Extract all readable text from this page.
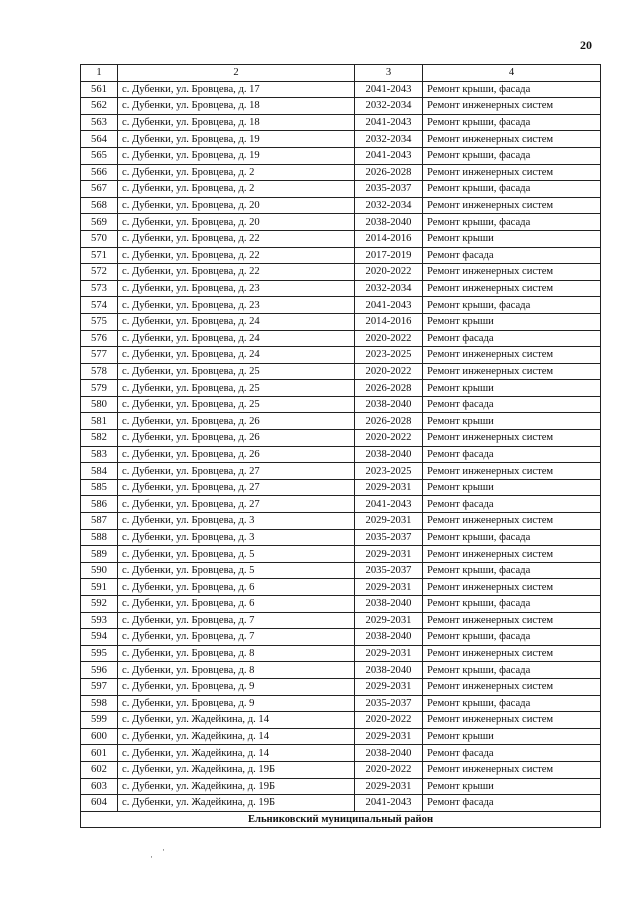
20
1	2	3	4
561	с. Дубенки, ул. Бровцева, д. 17	2041-2043	Ремонт крыши, фасада
562	с. Дубенки, ул. Бровцева, д. 18	2032-2034	Ремонт инженерных систем
563	с. Дубенки, ул. Бровцева, д. 18	2041-2043	Ремонт крыши, фасада
564	с. Дубенки, ул. Бровцева, д. 19	2032-2034	Ремонт инженерных систем
565	с. Дубенки, ул. Бровцева, д. 19	2041-2043	Ремонт крыши, фасада
566	с. Дубенки, ул. Бровцева, д. 2	2026-2028	Ремонт инженерных систем
567	с. Дубенки, ул. Бровцева, д. 2	2035-2037	Ремонт крыши, фасада
568	с. Дубенки, ул. Бровцева, д. 20	2032-2034	Ремонт инженерных систем
569	с. Дубенки, ул. Бровцева, д. 20	2038-2040	Ремонт крыши, фасада
570	с. Дубенки, ул. Бровцева, д. 22	2014-2016	Ремонт крыши
571	с. Дубенки, ул. Бровцева, д. 22	2017-2019	Ремонт фасада
572	с. Дубенки, ул. Бровцева, д. 22	2020-2022	Ремонт инженерных систем
573	с. Дубенки, ул. Бровцева, д. 23	2032-2034	Ремонт инженерных систем
574	с. Дубенки, ул. Бровцева, д. 23	2041-2043	Ремонт крыши, фасада
575	с. Дубенки, ул. Бровцева, д. 24	2014-2016	Ремонт крыши
576	с. Дубенки, ул. Бровцева, д. 24	2020-2022	Ремонт фасада
577	с. Дубенки, ул. Бровцева, д. 24	2023-2025	Ремонт инженерных систем
578	с. Дубенки, ул. Бровцева, д. 25	2020-2022	Ремонт инженерных систем
579	с. Дубенки, ул. Бровцева, д. 25	2026-2028	Ремонт крыши
580	с. Дубенки, ул. Бровцева, д. 25	2038-2040	Ремонт фасада
581	с. Дубенки, ул. Бровцева, д. 26	2026-2028	Ремонт крыши
582	с. Дубенки, ул. Бровцева, д. 26	2020-2022	Ремонт инженерных систем
583	с. Дубенки, ул. Бровцева, д. 26	2038-2040	Ремонт фасада
584	с. Дубенки, ул. Бровцева, д. 27	2023-2025	Ремонт инженерных систем
585	с. Дубенки, ул. Бровцева, д. 27	2029-2031	Ремонт крыши
586	с. Дубенки, ул. Бровцева, д. 27	2041-2043	Ремонт фасада
587	с. Дубенки, ул. Бровцева, д. 3	2029-2031	Ремонт инженерных систем
588	с. Дубенки, ул. Бровцева, д. 3	2035-2037	Ремонт крыши, фасада
589	с. Дубенки, ул. Бровцева, д. 5	2029-2031	Ремонт инженерных систем
590	с. Дубенки, ул. Бровцева, д. 5	2035-2037	Ремонт крыши, фасада
591	с. Дубенки, ул. Бровцева, д. 6	2029-2031	Ремонт инженерных систем
592	с. Дубенки, ул. Бровцева, д. 6	2038-2040	Ремонт крыши, фасада
593	с. Дубенки, ул. Бровцева, д. 7	2029-2031	Ремонт инженерных систем
594	с. Дубенки, ул. Бровцева, д. 7	2038-2040	Ремонт крыши, фасада
595	с. Дубенки, ул. Бровцева, д. 8	2029-2031	Ремонт инженерных систем
596	с. Дубенки, ул. Бровцева, д. 8	2038-2040	Ремонт крыши, фасада
597	с. Дубенки, ул. Бровцева, д. 9	2029-2031	Ремонт инженерных систем
598	с. Дубенки, ул. Бровцева, д. 9	2035-2037	Ремонт крыши, фасада
599	с. Дубенки, ул. Жадейкина, д. 14	2020-2022	Ремонт инженерных систем
600	с. Дубенки, ул. Жадейкина, д. 14	2029-2031	Ремонт крыши
601	с. Дубенки, ул. Жадейкина, д. 14	2038-2040	Ремонт фасада
602	с. Дубенки, ул. Жадейкина, д. 19Б	2020-2022	Ремонт инженерных систем
603	с. Дубенки, ул. Жадейкина, д. 19Б	2029-2031	Ремонт крыши
604	с. Дубенки, ул. Жадейкина, д. 19Б	2041-2043	Ремонт фасада
Ельниковский муниципальный район			
·
·
